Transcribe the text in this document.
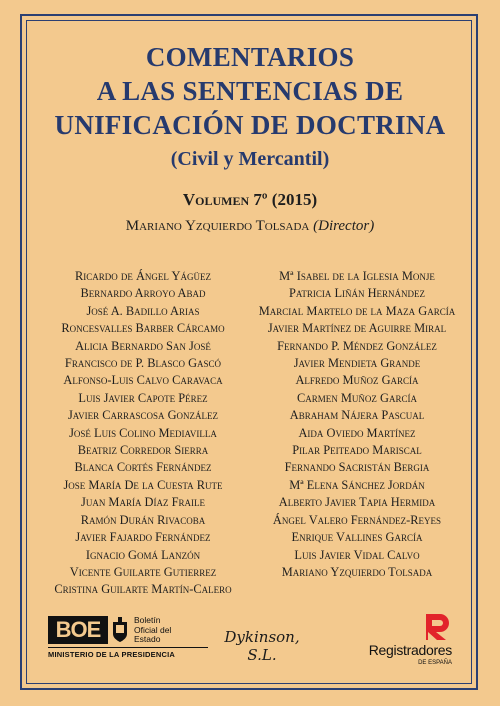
COMENTARIOS
A LAS SENTENCIAS DE
UNIFICACIÓN DE DOCTRINA
(Civil y Mercantil)
Volumen 7º (2015)
Mariano Yzquierdo Tolsada (Director)
Ricardo de Ángel Yágüez
Bernardo Arroyo Abad
José A. Badillo Arias
Roncesvalles Barber Cárcamo
Alicia Bernardo San José
Francisco de P. Blasco Gascó
Alfonso-Luis Calvo Caravaca
Luis Javier Capote Pérez
Javier Carrascosa González
José Luis Colino Mediavilla
Beatriz Corredor Sierra
Blanca Cortés Fernández
Jose María De la Cuesta Rute
Juan María Díaz Fraile
Ramón Durán Rivacoba
Javier Fajardo Fernández
Ignacio Gomá Lanzón
Vicente Guilarte Gutierrez
Cristina Guilarte Martín-Calero
Mª Isabel de la Iglesia Monje
Patricia Liñán Hernández
Marcial Martelo de la Maza García
Javier Martínez de Aguirre Miral
Fernando P. Méndez González
Javier Mendieta Grande
Alfredo Muñoz García
Carmen Muñoz García
Abraham Nájera Pascual
Aida Oviedo Martínez
Pilar Peiteado Mariscal
Fernando Sacristán Bergia
Mª Elena Sánchez Jordán
Alberto Javier Tapia Hermida
Ángel Valero Fernández-Reyes
Enrique Vallines García
Luis Javier Vidal Calvo
Mariano Yzquierdo Tolsada
BOE	Boletín
Oficial del
Estado
MINISTERIO DE LA PRESIDENCIA
Dykinson, S.L.	Registradores
DE ESPAÑA
